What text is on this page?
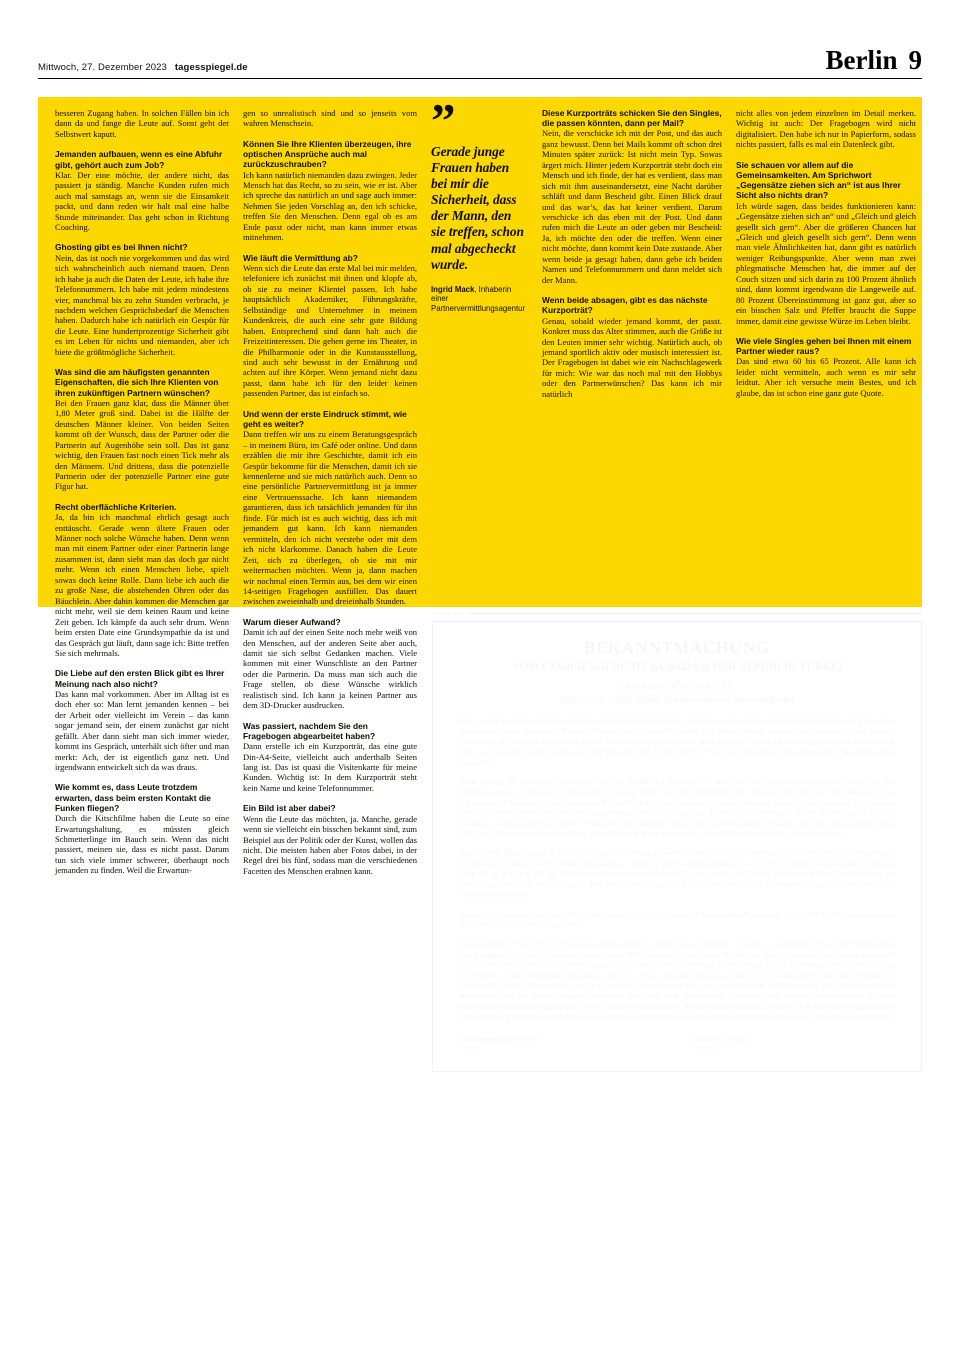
Mittwoch, 27. Dezember 2023 tagesspiegel.de	Berlin 9

besseren Zugang haben. In solchen Fällen bin ich dann da und fange die Leute auf. Sonst geht der Selbstwert kaputt.

Jemanden aufbauen, wenn es eine Abfuhr gibt, gehört auch zum Job?

Klar. Der eine möchte, der andere nicht, das passiert ja ständig. Manche Kunden rufen mich auch mal samstags an, wenn sie die Einsamkeit packt, und dann reden wir halt mal eine halbe Stunde miteinander. Das geht schon in Richtung Coaching.

Ghosting gibt es bei Ihnen nicht?

Nein, das ist noch nie vorgekommen und das wird sich wahrscheinlich auch niemand trauen. Denn ich habe ja auch die Daten der Leute, ich habe ihre Telefonnummern. Ich habe mit jedem mindestens vier, manchmal bis zu zehn Stunden verbracht, je nachdem welchen Gesprächsbedarf die Menschen haben. Dadurch habe ich natürlich ein Gespür für die Leute. Eine hundertprozentige Sicherheit gibt es im Leben für nichts und niemanden, aber ich biete die größtmögliche Sicherheit.

Was sind die am häufigsten genannten Eigenschaften, die sich Ihre Klienten von ihren zukünftigen Partnern wünschen?

Bei den Frauen ganz klar, dass die Männer über 1,80 Meter groß sind. Dabei ist die Hälfte der deutschen Männer kleiner. Von beiden Seiten kommt oft der Wunsch, dass der Partner oder die Partnerin auf Augenhöhe sein soll. Das ist ganz wichtig, den Frauen fast noch einen Tick mehr als den Männern. Und drittens, dass die potenzielle Partnerin oder der potenzielle Partner eine gute Figur hat.

Recht oberflächliche Kriterien.

Ja, da bin ich manchmal ehrlich gesagt auch enttäuscht. Gerade wenn ältere Frauen oder Männer noch solche Wünsche haben. Denn wenn man mit einem Partner oder einer Partnerin lange zusammen ist, dann sieht man das doch gar nicht mehr. Wenn ich einen Menschen liebe, spielt sowas doch keine Rolle. Dann liebe ich auch die zu große Nase, die abstehenden Ohren oder das Bäuchlein. Aber dahin kommen die Menschen gar nicht mehr, weil sie dem keinen Raum und keine Zeit geben. Ich kämpfe da auch sehr drum. Wenn beim ersten Date eine Grundsympathie da ist und das Gespräch gut läuft, dann sage ich: Bitte treffen Sie sich mehrmals.

Die Liebe auf den ersten Blick gibt es Ihrer Meinung nach also nicht?

Das kann mal vorkommen. Aber im Alltag ist es doch eher so: Man lernt jemanden kennen – bei der Arbeit oder vielleicht im Verein – das kann sogar jemand sein, der einem zunächst gar nicht gefällt. Aber dann sieht man sich immer wieder, kommt ins Gespräch, unterhält sich öfter und man merkt: Ach, der ist eigentlich ganz nett. Und irgendwann entwickelt sich da was draus.

Wie kommt es, dass Leute trotzdem erwarten, dass beim ersten Kontakt die Funken fliegen?

Durch die Kitschfilme haben die Leute so eine Erwartungshaltung, es müssten gleich Schmetterlinge im Bauch sein. Wenn das nicht passiert, meinen sie, dass es nicht passt. Darum tun sich viele immer schwerer, überhaupt noch jemanden zu finden. Weil die Erwartun-

gen so unrealistisch sind und so jenseits vom wahren Menschsein.

Können Sie Ihre Klienten überzeugen, ihre optischen Ansprüche auch mal zurückzuschrauben?

Ich kann natürlich niemanden dazu zwingen. Jeder Mensch hat das Recht, so zu sein, wie er ist. Aber ich spreche das natürlich an und sage auch immer: Nehmen Sie jeden Vorschlag an, den ich schicke, treffen Sie den Menschen. Denn egal ob es am Ende passt oder nicht, man kann immer etwas mitnehmen.

Wie läuft die Vermittlung ab?

Wenn sich die Leute das erste Mal bei mir melden, telefoniere ich zunächst mit ihnen und klopfe ab, ob sie zu meiner Klientel passen. Ich habe hauptsächlich Akademiker, Führungskräfte, Selbständige und Unternehmer in meinem Kundenkreis, die auch eine sehr gute Bildung haben. Entsprechend sind dann halt auch die Freizeitinteressen. Die gehen gerne ins Theater, in die Philharmonie oder in die Kunstausstellung, sind auch sehr bewusst in der Ernährung und achten auf ihre Körper. Wenn jemand nicht dazu passt, dann habe ich für den leider keinen passenden Partner, das ist einfach so.

Und wenn der erste Eindruck stimmt, wie geht es weiter?

Dann treffen wir uns zu einem Beratungsgespräch – in meinem Büro, im Café oder online. Und dann erzählen die mir ihre Geschichte, damit ich ein Gespür bekomme für die Menschen, damit ich sie kennenlerne und sie mich natürlich auch. Denn so eine persönliche Partnervermittlung ist ja immer eine Vertrauenssache. Ich kann niemandem garantieren, dass ich tatsächlich jemanden für ihn finde. Für mich ist es auch wichtig, dass ich mit jemandem gut kann. Ich kann niemanden vermitteln, den ich nicht verstehe oder mit dem ich nicht klarkomme. Danach haben die Leute Zeit, sich zu überlegen, ob sie mit mir weitermachen möchten. Wenn ja, dann machen wir nochmal einen Termin aus, bei dem wir einen 14-seitigen Fragebogen ausfüllen. Das dauert zwischen zweieinhalb und dreieinhalb Stunden.

Warum dieser Aufwand?

Damit ich auf der einen Seite noch mehr weiß von den Menschen, auf der anderen Seite aber auch, damit sie sich selbst Gedanken machen. Viele kommen mit einer Wunschliste an den Partner oder die Partnerin. Da muss man sich auch die Frage stellen, ob diese Wünsche wirklich realistisch sind. Ich kann ja keinen Partner aus dem 3D-Drucker ausdrucken.

Was passiert, nachdem Sie den Fragebogen abgearbeitet haben?

Dann erstelle ich ein Kurzporträt, das eine gute Din-A4-Seite, vielleicht auch anderthalb Seiten lang ist. Das ist quasi die Visitenkarte für meine Kunden. Wichtig ist: In dem Kurzporträt steht kein Name und keine Telefonnummer.

Ein Bild ist aber dabei?

Wenn die Leute das möchten, ja. Manche, gerade wenn sie vielleicht ein bisschen bekannt sind, zum Beispiel aus der Politik oder der Kunst, wollen das nicht. Die meisten haben aber Fotos dabei, in der Regel drei bis fünf, sodass man die verschiedenen Facetten des Menschen erahnen kann.

”
Gerade junge Frauen haben bei mir die Sicherheit, dass der Mann, den sie treffen, schon mal abgecheckt wurde.
Ingrid Mack, Inhaberin einer Partnervermittlungsagentur

Diese Kurzporträts schicken Sie den Singles, die passen könnten, dann per Mail?

Nein, die verschicke ich mit der Post, und das auch ganz bewusst. Denn bei Mails kommt oft schon drei Minuten später zurück: Ist nicht mein Typ. Sowas ärgert mich. Hinter jedem Kurzporträt steht doch ein Mensch und ich finde, der hat es verdient, dass man sich mit ihm auseinandersetzt, eine Nacht darüber schläft und dann Bescheid gibt. Einen Blick drauf und das war’s, das hat keiner verdient. Darum verschicke ich das eben mit der Post. Und dann rufen mich die Leute an oder geben mir Bescheid: Ja, ich möchte den oder die treffen. Wenn einer nicht möchte, dann kommt kein Date zustande. Aber wenn beide ja gesagt haben, dann gebe ich beiden Namen und Telefonnummern und dann meldet sich der Mann.

Wenn beide absagen, gibt es das nächste Kurzporträt?

Genau, sobald wieder jemand kommt, der passt. Konkret muss das Alter stimmen, auch die Größe ist den Leuten immer sehr wichtig. Natürlich auch, ob jemand sportlich aktiv oder musisch interessiert ist. Der Fragebogen ist dabei wie ein Nachschlagewerk für mich: Wie war das noch mal mit den Hobbys oder den Partnerwünschen? Das kann ich mir natürlich

nicht alles von jedem einzelnen im Detail merken. Wichtig ist auch: Der Fragebogen wird nicht digitalisiert. Den habe ich nur in Papierform, sodass nichts passiert, falls es mal ein Datenleck gibt.

Sie schauen vor allem auf die Gemeinsamkeiten. Am Sprichwort „Gegensätze ziehen sich an“ ist aus Ihrer Sicht also nichts dran?

Ich würde sagen, dass beides funktionieren kann: „Gegensätze ziehen sich an“ und „Gleich und gleich gesellt sich gern“. Aber die größeren Chancen hat „Gleich und gleich gesellt sich gern“. Denn wenn man viele Ähnlichkeiten hat, dann gibt es natürlich weniger Reibungspunkte. Aber wenn man zwei phlegmatische Menschen hat, die immer auf der Couch sitzen und sich darin zu 100 Prozent ähnlich sind, dann kommt irgendwann die Langeweile auf. 80 Prozent Übereinstimmung ist ganz gut, aber so ein bisschen Salz und Pfeffer braucht die Suppe immer, damit eine gewisse Würze im Leben bleibt.

Wie viele Singles gehen bei Ihnen mit einem Partner wieder raus?

Das sind etwa 60 bis 65 Prozent. Alle kann ich leider nicht vermitteln, auch wenn es mir sehr leidtut. Aber ich versuche mein Bestes, und ich glaube, das ist schon eine ganz gute Quote.

Anzeige
BEKANNTMACHUNG
VOM FAMILIENGERICHT KUŞADASI DER REPUBLIK TÜRKEI
AKTENZEICHEN: 2020/523 E.
BEKLAGTE: ENİSE DEMİR (Nordmazedonische Staatsangehörige)

In der Klage, die der Kläger Turan Aydin mit einem Scheidungsantrag bei unserem Gericht eingereicht hat, konnten die an Ihre im Klageantrag angegebene Adresse gesendeten Benachrichtigungen nicht zugestellt werden. Ihre Adresse konnte aufgrund der Adresssuche nicht ermittelt werden, und in Anbetracht das Stadium und die Verfahrensökonomie der Akte, die Eingangsverfügung mit dem Klageantrag, um die Akte nicht weiter zu verlängern, wurde beschlossen, dem Beklagten den Termin und die Uhrzeit der mündlichen Verhandlung durch Bekanntmachung mitzuteilen.

Ihrem Antrag die Unterlagen beizufügen, die Sie gemäß den Artikeln 121 und 129/2 der Zivilprozessordnung in Bezug auf den Scheidungsantrag als Beilage als Beweismittel vorgelegt haben, und die erforderlichen Informationen über die von einem anderen Ort zu erbringenden Dokumente zur Verfügung zu stellen, dafür wird der Vorschuss auf die vorane erhaltenen Kosten für den Nachweis der klagenden Partei verrechnet, anstelle derselben Frist gegebenenfalls über Zuschlägen auf die Kosten zu hinterlegen, die für die Vorlage der von der Beklagten vorzulegenden Beweismittel erforderlich sind, andernfalls können Sie die diesbezüglichen Mängel in der Vorprüfung gemäß Artikel 140/5 der Zivilprozessordnung beseitigen, andernfalls wird davon ausgegangen, dass Sie diese Beweismittel aufgegeben haben.

Dass Sie dem Kläger gemäß § 122/2 der Zivilprozessordnung antworten können, in dem Sie innerhalb von zwei Wochen nach Bekanntgabe des Antrags des Klägers an Sie einen Antwortantrag einreichen, der die Angelegenheiten nach § 129 desselben Gesetzes enthält, und dass, wenn Sie an dem in § 147 der Zivilprozessordnung vorgeschriebenen Tag und zu der und Uhrzeit nicht ohne gültige Entschuldigung vor Gericht erscheinen sind, die Ankläung in Ihrer Abwesenheit fortgesetzt wird und Sie dem in Ihrer Abwesenheit eingeleiteten Verfahren nicht widersprechen können.

Da der Fall Gegenstand eines schriftlichen Verfahrens ist, soll die vorläufige Prüfungsverhandlung gemäß §§ 137-139 der Zivilprozessordnung am 27.04.2024 um 09.40 Uhr stattfinden.

In den Artikeln 139 und 150 der Zivilprozessordnung heißt es: „Wenn Sie an vereinbarten Tag und zur vereinbarten Uhrzeit nicht ohne gültige Entschuldigung vor Gericht erscheinen sind und wenn die Parteien nicht folgen, kann die Akte aus dem Verfahren entfernt werden, andernfalls wird das Verfahren in Ihrer Abwesenheit fortgesetzt; ist zudessen die notwendigen Vorbereitungen für die Eröffnung treffen, nimmt nur eine der Parteien an der mündlichen Verhandlung teil und will das Verfahren fortsetzen, kann die nicht anwesende Partei dem Verfahren in Abwesenheit nicht widersprechen“ und den Parteien eine bestimmte Frist von zwei Wochen ab Bekanntgabe der Vorprüfungsladung einzureichen, um die Beweis Anlagen vorzulegen, aber auch nicht eingereichten Unterlagen dem Gericht vorzulegen oder die dazu erforderlichen Erklärungen abzugeben, die von außen ohne aufzufordern, den Grundsatz anzugeben, wenn sie nicht innerhalb der angegebenen Frist erfüllt wird, wird durch diese Mitteilung gewarnt, dass sämtlichen wird, dass sie es aufgegeben haben, sich auf diese Beweise zu stützen.

Justizangestellte 89939
E-İmzalı
Richter 2.19855
E-İmzalı
